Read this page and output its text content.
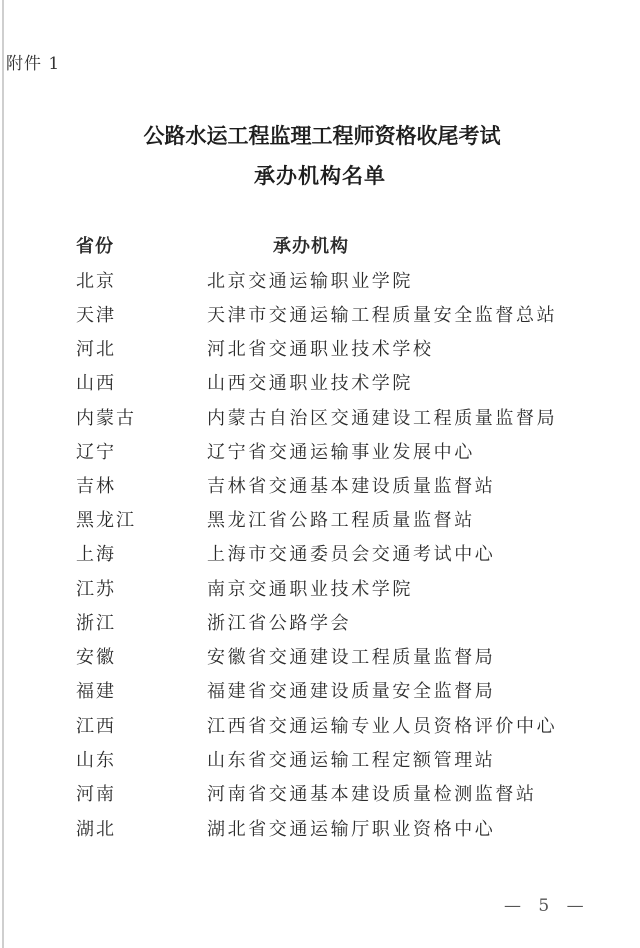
附件 1
公路水运工程监理工程师资格收尾考试
承办机构名单
省份	承办机构
北京	北京交通运输职业学院
天津	天津市交通运输工程质量安全监督总站
河北	河北省交通职业技术学校
山西	山西交通职业技术学院
内蒙古	内蒙古自治区交通建设工程质量监督局
辽宁	辽宁省交通运输事业发展中心
吉林	吉林省交通基本建设质量监督站
黑龙江	黑龙江省公路工程质量监督站
上海	上海市交通委员会交通考试中心
江苏	南京交通职业技术学院
浙江	浙江省公路学会
安徽	安徽省交通建设工程质量监督局
福建	福建省交通建设质量安全监督局
江西	江西省交通运输专业人员资格评价中心
山东	山东省交通运输工程定额管理站
河南	河南省交通基本建设质量检测监督站
湖北	湖北省交通运输厅职业资格中心
— 5 —
